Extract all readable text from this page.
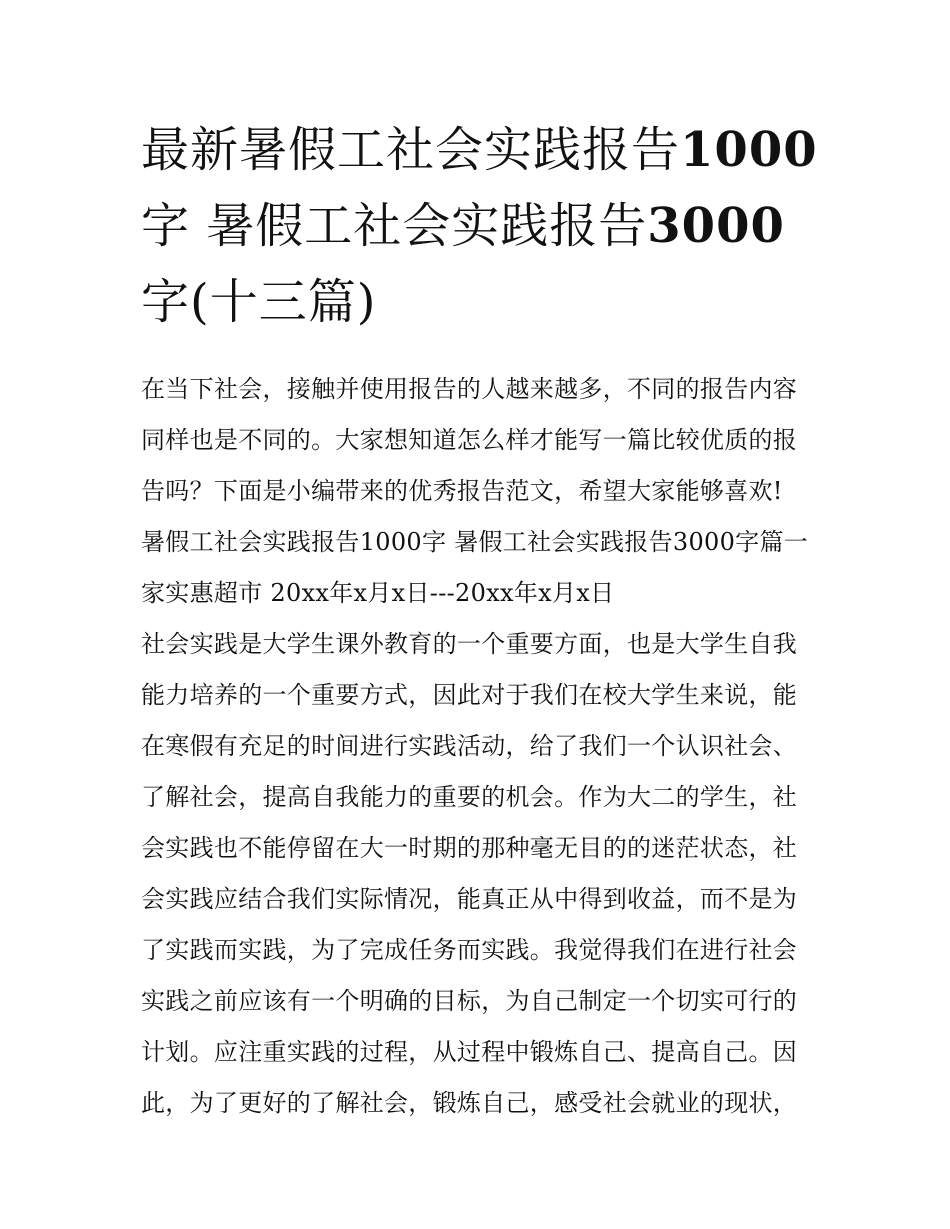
最新暑假工社会实践报告1000
字 暑假工社会实践报告3000
字(十三篇)
在当下社会，接触并使用报告的人越来越多，不同的报告内容
同样也是不同的。大家想知道怎么样才能写一篇比较优质的报
告吗？下面是小编带来的优秀报告范文，希望大家能够喜欢!
暑假工社会实践报告1000字 暑假工社会实践报告3000字篇一
家实惠超市 20xx年x月x日---20xx年x月x日
社会实践是大学生课外教育的一个重要方面，也是大学生自我
能力培养的一个重要方式，因此对于我们在校大学生来说，能
在寒假有充足的时间进行实践活动，给了我们一个认识社会、
了解社会，提高自我能力的重要的机会。作为大二的学生，社
会实践也不能停留在大一时期的那种毫无目的的迷茫状态，社
会实践应结合我们实际情况，能真正从中得到收益，而不是为
了实践而实践，为了完成任务而实践。我觉得我们在进行社会
实践之前应该有一个明确的目标，为自己制定一个切实可行的
计划。应注重实践的过程，从过程中锻炼自己、提高自己。因
此，为了更好的了解社会，锻炼自己，感受社会就业的现状，
